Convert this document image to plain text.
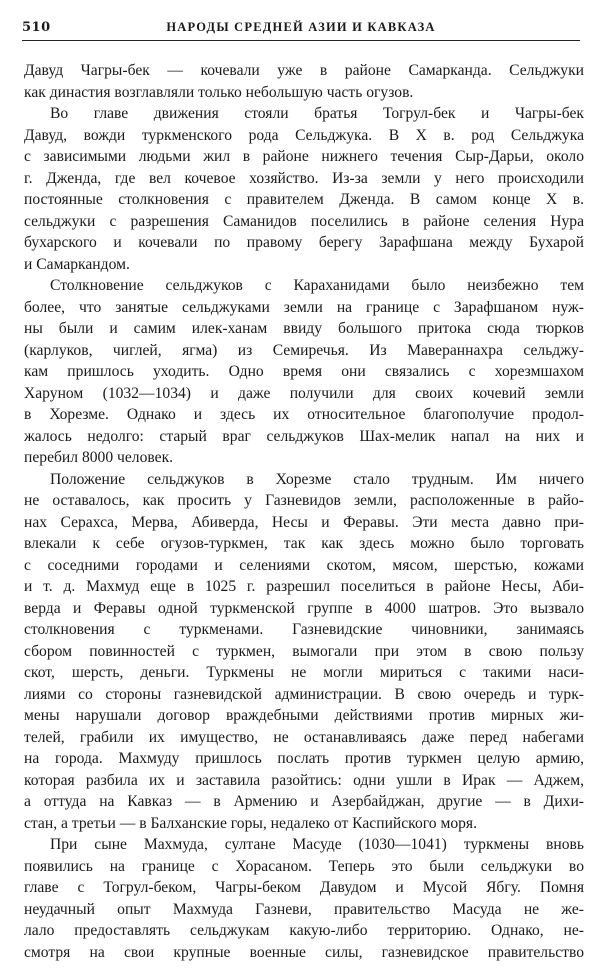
510	НАРОДЫ СРЕДНЕЙ АЗИИ И КАВКАЗА

Давуд Чагры-бек — кочевали уже в районе Самарканда. Сельджуки
как династия возглавляли только небольшую часть огузов.

Во главе движения стояли братья Тогрул-бек и Чагры-бек
Давуд, вожди туркменского рода Сельджука. В X в. род Сельджука
с зависимыми людьми жил в районе нижнего течения Сыр-Дарьи, около
г. Дженда, где вел кочевое хозяйство. Из-за земли у него происходили
постоянные столкновения с правителем Дженда. В самом конце X в.
сельджуки с разрешения Саманидов поселились в районе селения Нура
бухарского и кочевали по правому берегу Зарафшана между Бухарой
и Самаркандом.

Столкновение сельджуков с Караханидами было неизбежно тем
более, что занятые сельджуками земли на границе с Зарафшаном нуж-
ны были и самим илек-ханам ввиду большого притока сюда тюрков
(карлуков, чиглей, ягма) из Семиречья. Из Мавераннахра сельджу-
кам пришлось уходить. Одно время они связались с хорезмшахом
Харуном (1032—1034) и даже получили для своих кочевий земли
в Хорезме. Однако и здесь их относительное благополучие продол-
жалось недолго: старый враг сельджуков Шах-мелик напал на них и
перебил 8000 человек.

Положение сельджуков в Хорезме стало трудным. Им ничего
не оставалось, как просить у Газневидов земли, расположенные в райо-
нах Серахса, Мерва, Абиверда, Несы и Феравы. Эти места давно при-
влекали к себе огузов-туркмен, так как здесь можно было торговать
с соседними городами и селениями скотом, мясом, шерстью, кожами
и т. д. Махмуд еще в 1025 г. разрешил поселиться в районе Несы, Аби-
верда и Феравы одной туркменской группе в 4000 шатров. Это вызвало
столкновения с туркменами. Газневидские чиновники, занимаясь
сбором повинностей с туркмен, вымогали при этом в свою пользу
скот, шерсть, деньги. Туркмены не могли мириться с такими наси-
лиями со стороны газневидской администрации. В свою очередь и турк-
мены нарушали договор враждебными действиями против мирных жи-
телей, грабили их имущество, не останавливаясь даже перед набегами
на города. Махмуду пришлось послать против туркмен целую армию,
которая разбила их и заставила разойтись: одни ушли в Ирак — Аджем,
а оттуда на Кавказ — в Армению и Азербайджан, другие — в Дихи-
стан, а третьи — в Балханские горы, недалеко от Каспийского моря.

При сыне Махмуда, султане Масуде (1030—1041) туркмены вновь
появились на границе с Хорасаном. Теперь это были сельджуки во
главе с Тогрул-беком, Чагры-беком Давудом и Мусой Ябгу. Помня
неудачный опыт Махмуда Газневи, правительство Масуда не же-
лало предоставлять сельджукам какую-либо территорию. Однако, не-
смотря на свои крупные военные силы, газневидское правительство
